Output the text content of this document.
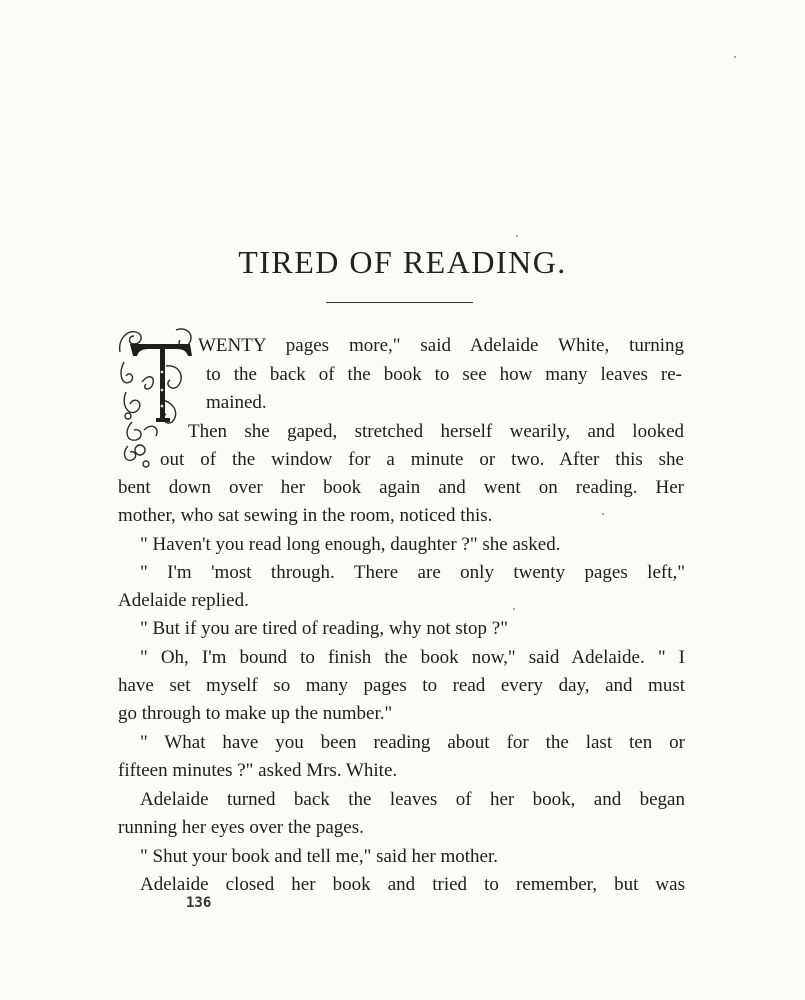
TIRED OF READING.

WENTY pages more," said Adelaide White, turning

to the back of the book to see how many leaves re-

mained.

Then she gaped, stretched herself wearily, and looked

out of the window for a minute or two. After this she

bent down over her book again and went on reading. Her

mother, who sat sewing in the room, noticed this.

" Haven't you read long enough, daughter ?" she asked.

" I'm 'most through. There are only twenty pages left,"

Adelaide replied.

" But if you are tired of reading, why not stop ?"

" Oh, I'm bound to finish the book now," said Adelaide. " I

have set myself so many pages to read every day, and must

go through to make up the number."

" What have you been reading about for the last ten or

fifteen minutes ?" asked Mrs. White.

Adelaide turned back the leaves of her book, and began

running her eyes over the pages.

" Shut your book and tell me," said her mother.

Adelaide closed her book and tried to remember, but was

136
